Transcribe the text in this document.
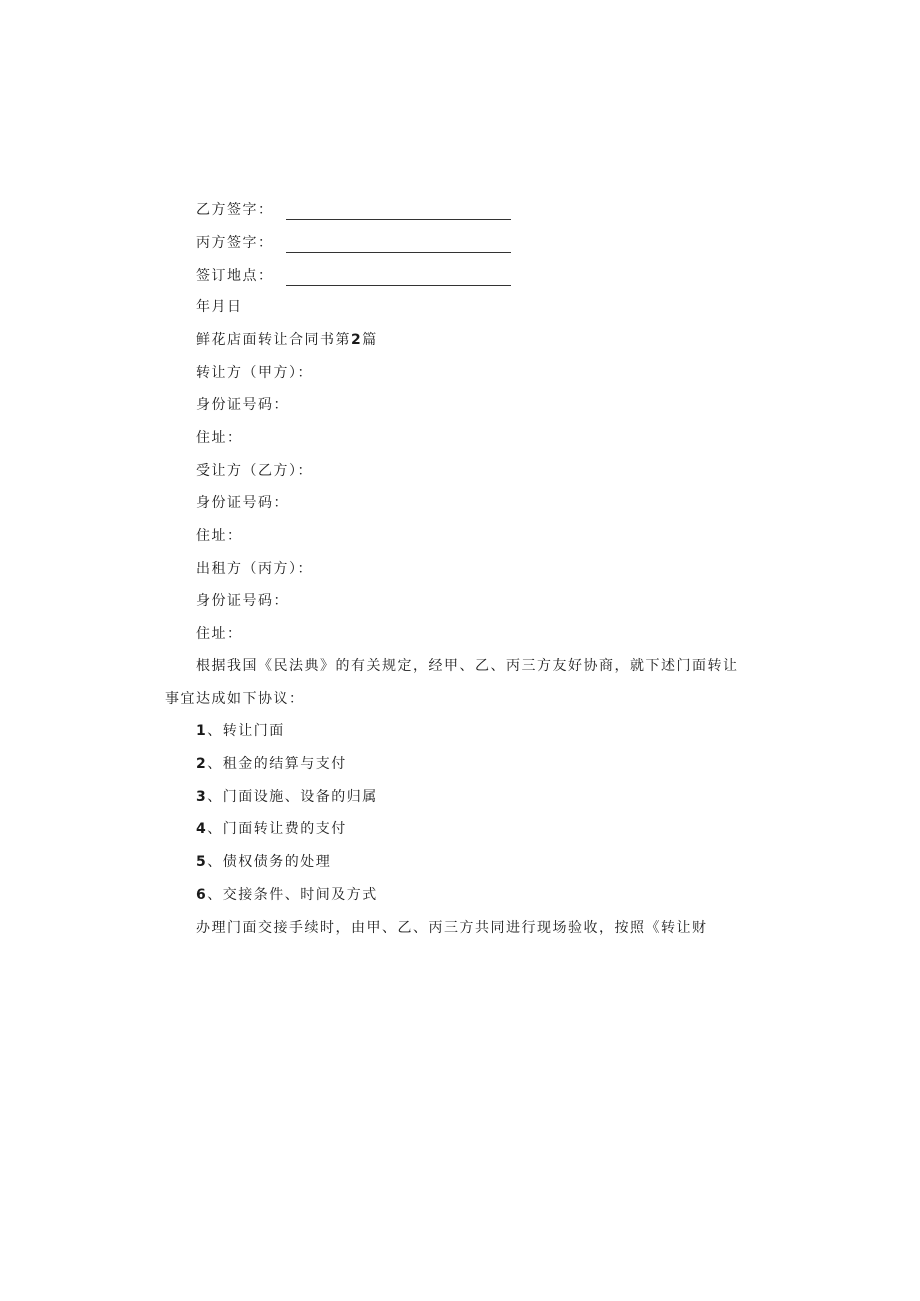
乙方签字：
丙方签字：
签订地点：
年月日
鲜花店面转让合同书第2篇
转让方（甲方）：
身份证号码：
住址：
受让方（乙方）：
身份证号码：
住址：
出租方（丙方）：
身份证号码：
住址：
根据我国《民法典》的有关规定，经甲、乙、丙三方友好协商，就下述门面转让
事宜达成如下协议：
1、转让门面
2、租金的结算与支付
3、门面设施、设备的归属
4、门面转让费的支付
5、债权债务的处理
6、交接条件、时间及方式
办理门面交接手续时，由甲、乙、丙三方共同进行现场验收，按照《转让财
